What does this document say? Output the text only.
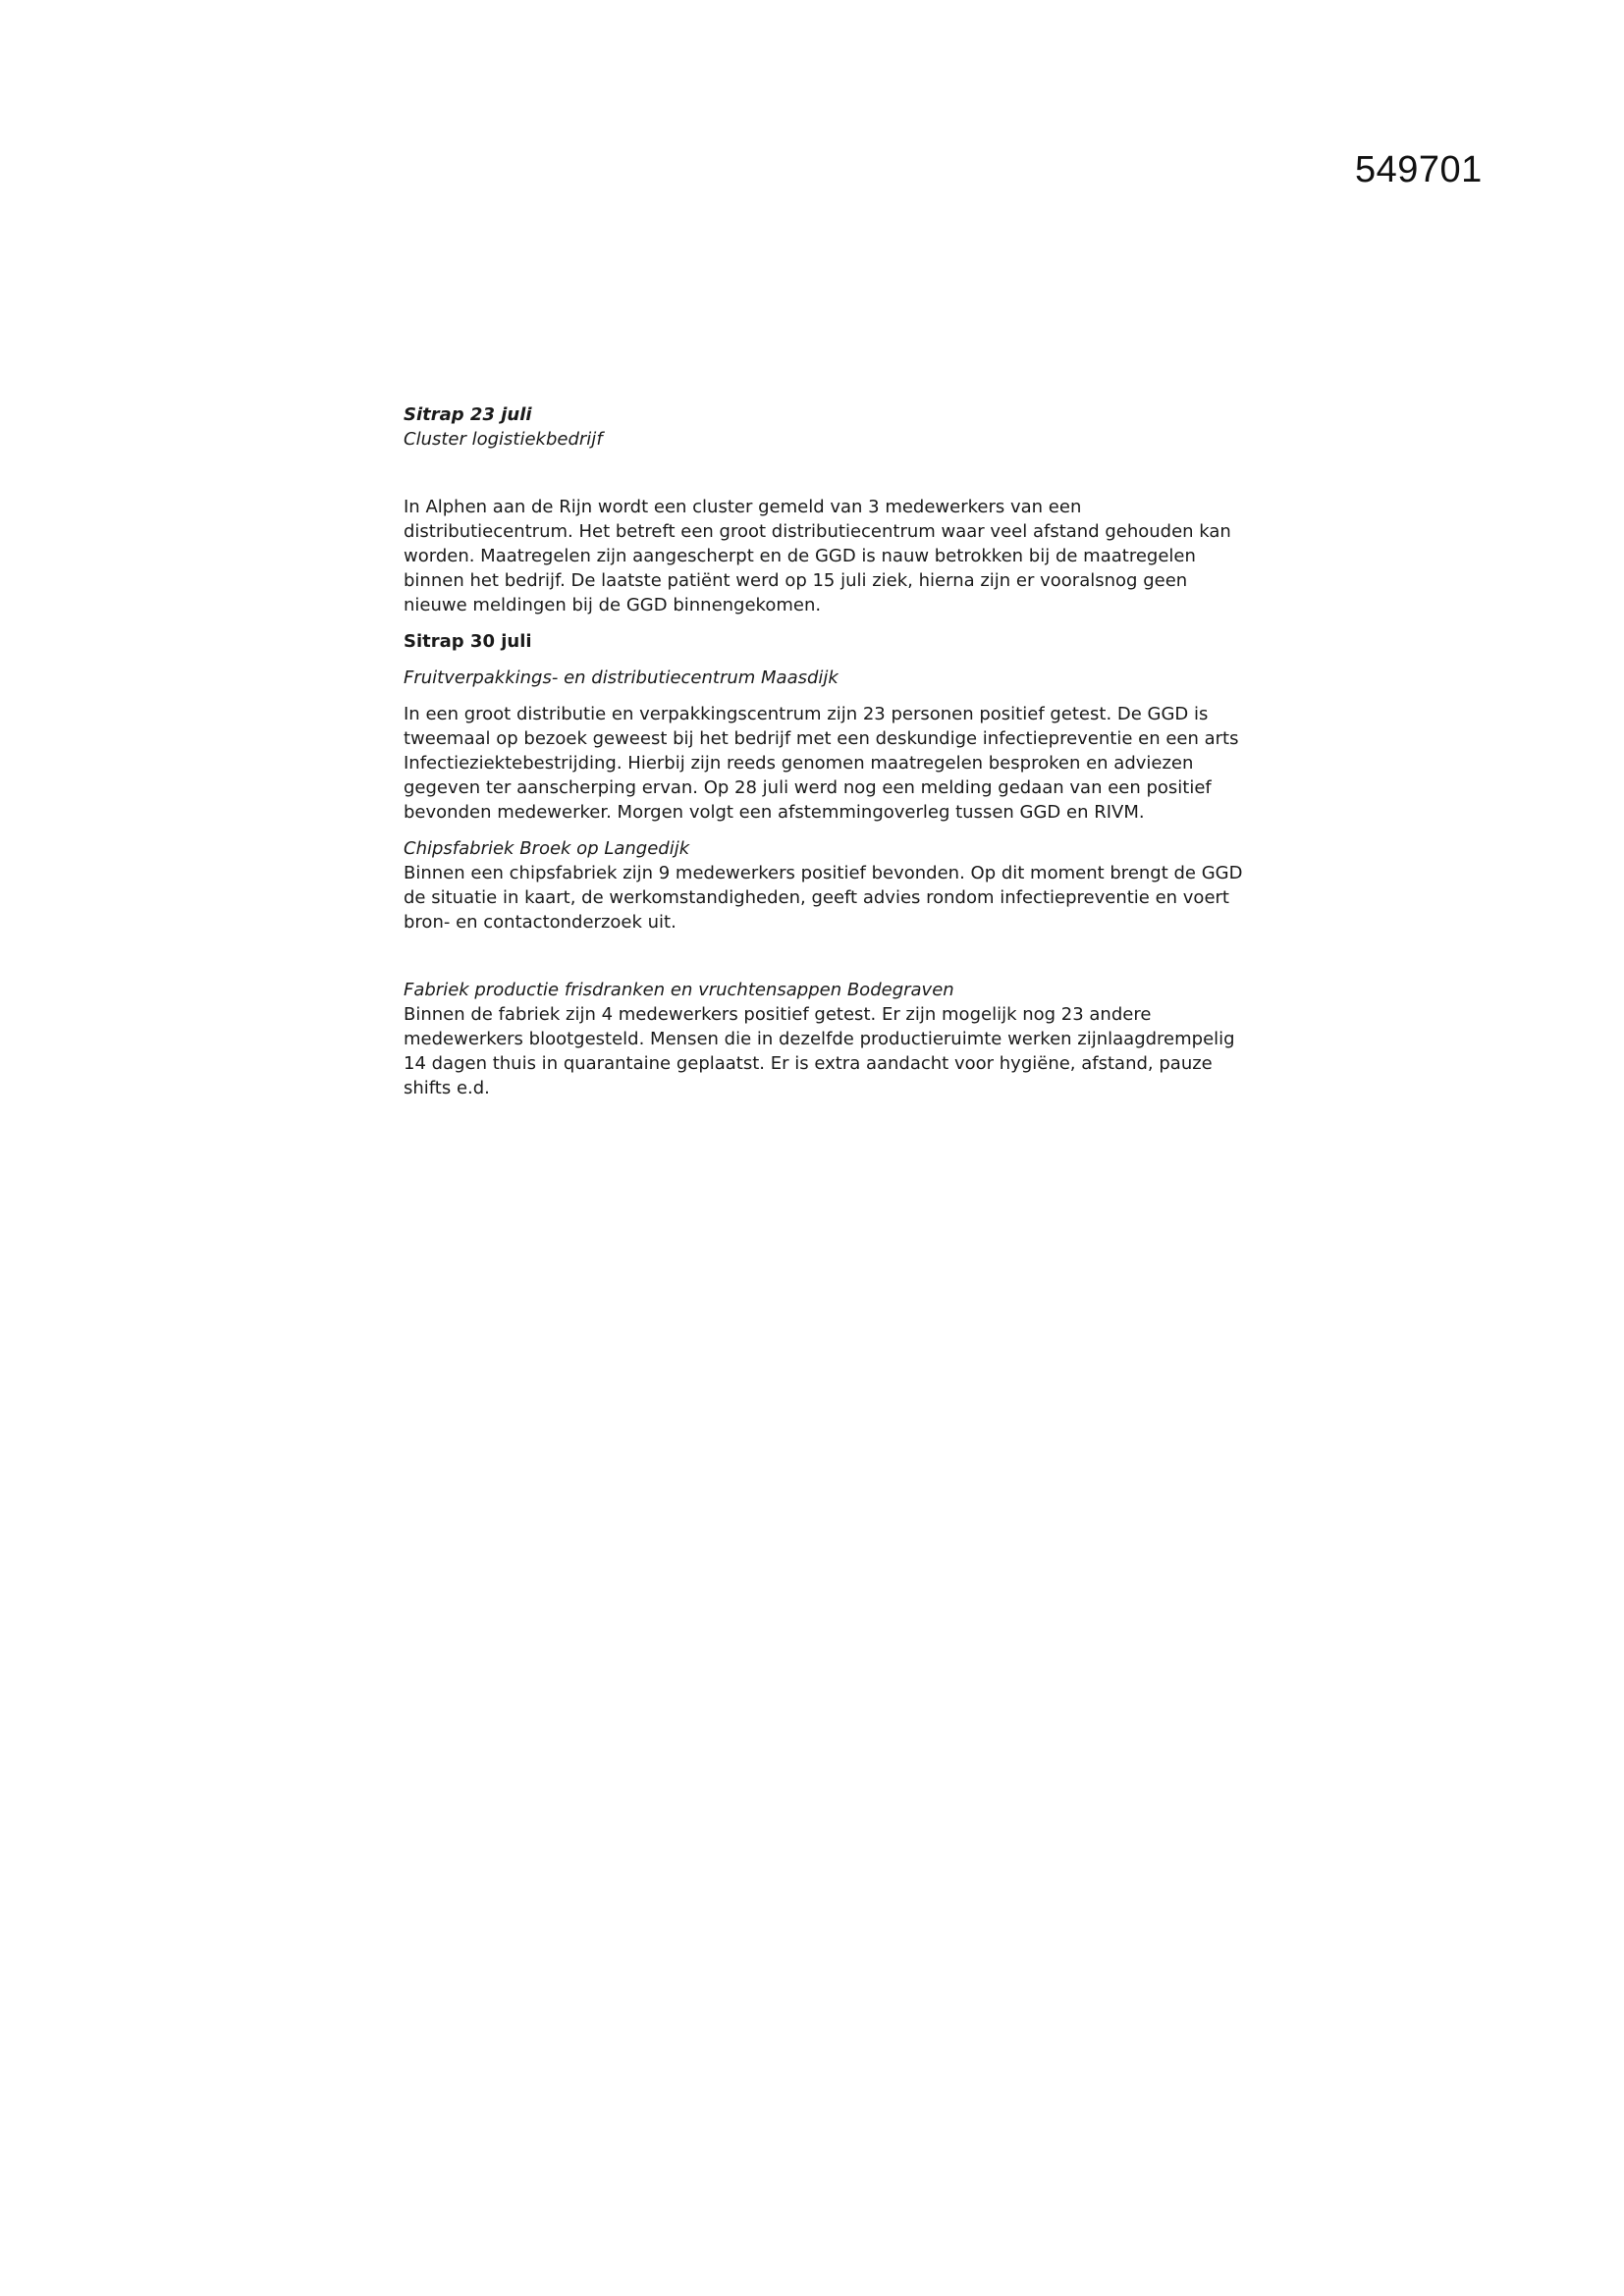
549701

Sitrap 23 juli

Cluster logistiekbedrijf

In Alphen aan de Rijn wordt een cluster gemeld van 3 medewerkers van een distributiecentrum. Het betreft een groot distributiecentrum waar veel afstand gehouden kan worden. Maatregelen zijn aangescherpt en de GGD is nauw betrokken bij de maatregelen binnen het bedrijf. De laatste patiënt werd op 15 juli ziek, hierna zijn er vooralsnog geen nieuwe meldingen bij de GGD binnengekomen.

Sitrap 30 juli

Fruitverpakkings- en distributiecentrum Maasdijk

In een groot distributie en verpakkingscentrum zijn 23 personen positief getest. De GGD is tweemaal op bezoek geweest bij het bedrijf met een deskundige infectiepreventie en een arts Infectieziektebestrijding. Hierbij zijn reeds genomen maatregelen besproken en adviezen gegeven ter aanscherping ervan. Op 28 juli werd nog een melding gedaan van een positief bevonden medewerker. Morgen volgt een afstemmingoverleg tussen GGD en RIVM.

Chipsfabriek Broek op Langedijk

Binnen een chipsfabriek zijn 9 medewerkers positief bevonden. Op dit moment brengt de GGD de situatie in kaart, de werkomstandigheden, geeft advies rondom infectiepreventie en voert bron- en contactonderzoek uit.

Fabriek productie frisdranken en vruchtensappen Bodegraven

Binnen de fabriek zijn 4 medewerkers positief getest. Er zijn mogelijk nog 23 andere medewerkers blootgesteld. Mensen die in dezelfde productieruimte werken zijnlaagdrempelig 14 dagen thuis in quarantaine geplaatst. Er is extra aandacht voor hygiëne, afstand, pauze shifts e.d.
